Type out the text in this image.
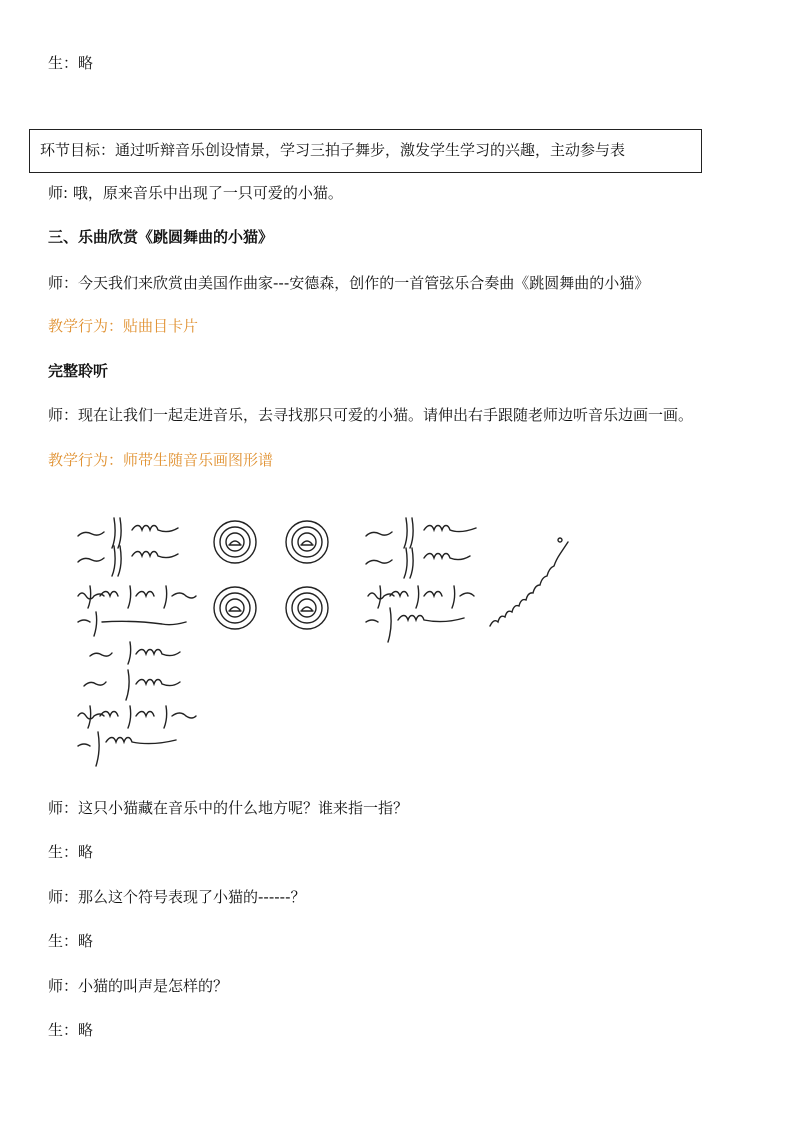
生：略
环节目标：通过听辩音乐创设情景，学习三拍子舞步，激发学生学习的兴趣，主动参与表
师: 哦，原来音乐中出现了一只可爱的小猫。
三、乐曲欣赏《跳圆舞曲的小猫》
师：今天我们来欣赏由美国作曲家---安德森，创作的一首管弦乐合奏曲《跳圆舞曲的小猫》
教学行为：贴曲目卡片
完整聆听
师：现在让我们一起走进音乐，去寻找那只可爱的小猫。请伸出右手跟随老师边听音乐边画一画。
教学行为：师带生随音乐画图形谱
师：这只小猫藏在音乐中的什么地方呢？谁来指一指？
生：略
师：那么这个符号表现了小猫的------？
生：略
师：小猫的叫声是怎样的？
生：略
